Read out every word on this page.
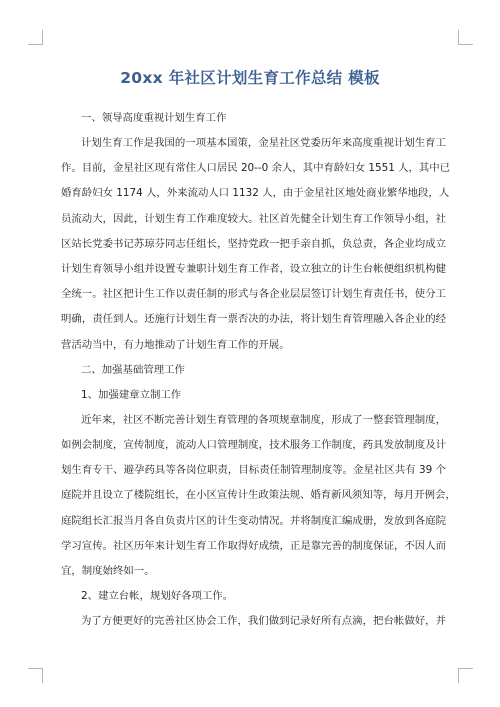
20xx 年社区计划生育工作总结 模板
一、领导高度重视计划生育工作
计划生育工作是我国的一项基本国策，金星社区党委历年来高度重视计划生育工
作。目前，金星社区现有常住人口居民 20--0 余人，其中育龄妇女 1551 人，其中已
婚育龄妇女 1174 人，外来流动人口 1132 人，由于金星社区地处商业繁华地段，人
员流动大，因此，计划生育工作难度较大。社区首先健全计划生育工作领导小组，社
区站长党委书记苏琼芬同志任组长，坚持党政一把手亲自抓，负总责，各企业均成立
计划生育领导小组并设置专兼职计划生育工作者，设立独立的计生台帐便组织机构健
全统一。社区把计生工作以责任制的形式与各企业层层签订计划生育责任书，使分工
明确，责任到人。还施行计划生育一票否决的办法，将计划生育管理融入各企业的经
营活动当中，有力地推动了计划生育工作的开展。
二、加强基础管理工作
1、加强建章立制工作
近年来，社区不断完善计划生育管理的各项规章制度，形成了一整套管理制度，
如例会制度，宣传制度，流动人口管理制度，技术服务工作制度，药具发放制度及计
划生育专干、避孕药具等各岗位职责，目标责任制管理制度等。金星社区共有 39 个
庭院并且设立了楼院组长，在小区宣传计生政策法规、婚育新风须知等，每月开例会，
庭院组长汇报当月各自负责片区的计生变动情况。并将制度汇编成册，发放到各庭院
学习宣传。社区历年来计划生育工作取得好成绩，正是靠完善的制度保证，不因人而
宜，制度始终如一。
2、建立台帐，规划好各项工作。
为了方便更好的完善社区协会工作，我们做到记录好所有点滴，把台帐做好，并
